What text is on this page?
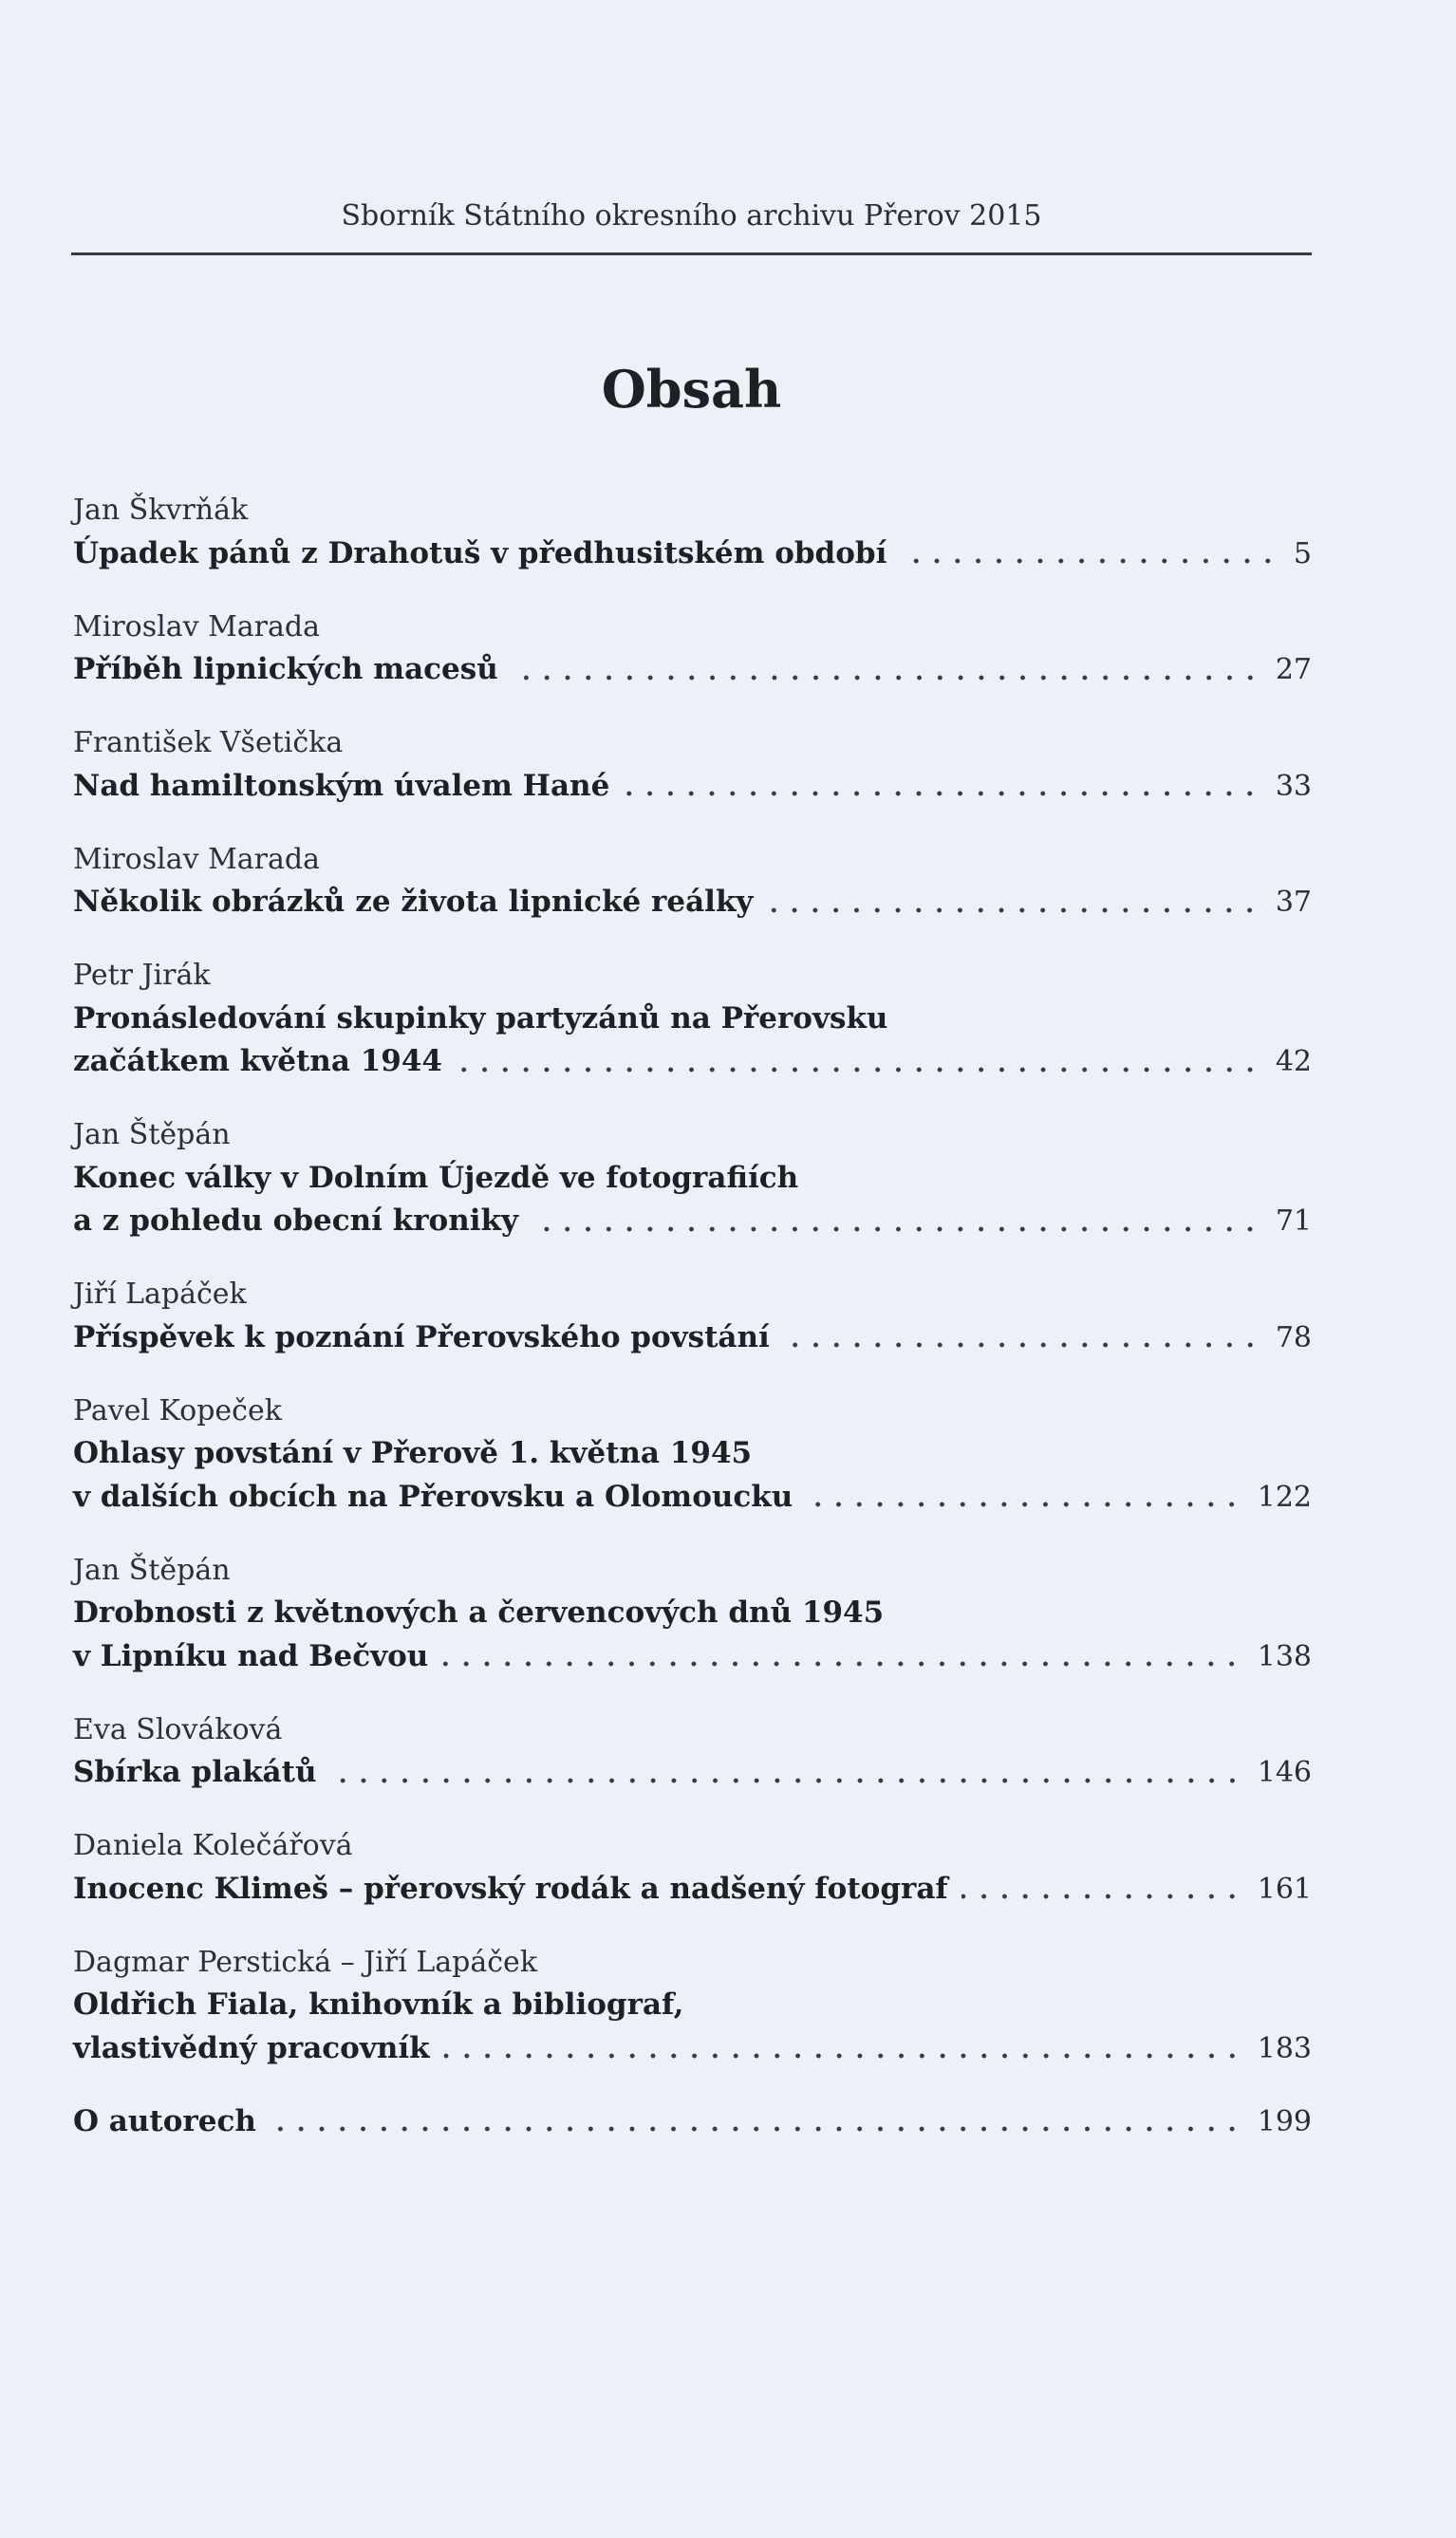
Sborník Státního okresního archivu Přerov 2015
Obsah
Jan Škvrňák
Úpadek pánů z Drahotuš v předhusitském období	5
Miroslav Marada
Příběh lipnických macesů	27
František Všetička
Nad hamiltonským úvalem Hané	33
Miroslav Marada
Několik obrázků ze života lipnické reálky	37
Petr Jirák
Pronásledování skupinky partyzánů na Přerovsku
začátkem května 1944	42
Jan Štěpán
Konec války v Dolním Újezdě ve fotografiích
a z pohledu obecní kroniky	71
Jiří Lapáček
Příspěvek k poznání Přerovského povstání	78
Pavel Kopeček
Ohlasy povstání v Přerově 1. května 1945
v dalších obcích na Přerovsku a Olomoucku	122
Jan Štěpán
Drobnosti z květnových a červencových dnů 1945
v Lipníku nad Bečvou	138
Eva Slováková
Sbírka plakátů	146
Daniela Kolečářová
Inocenc Klimeš – přerovský rodák a nadšený fotograf	161
Dagmar Perstická – Jiří Lapáček
Oldřich Fiala, knihovník a bibliograf,
vlastivědný pracovník	183
O autorech	199
